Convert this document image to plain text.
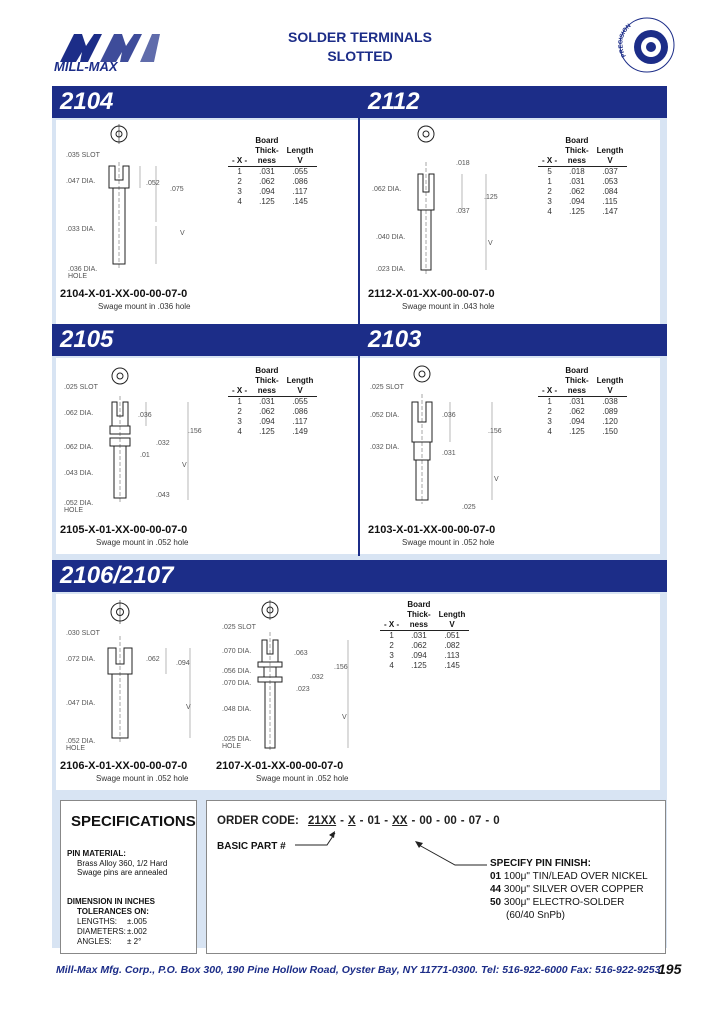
MILL-MAX
SOLDER TERMINALS
SLOTTED	PRECISION
2104	2112
.035 SLOT
.047 DIA.	.052
.075
.033 DIA.
V
.036 DIA. HOLE
- X -	Board
Thick-
ness	Length
V
1	.031	.055
2	.062	.086
3	.094	.117
4	.125	.145
2104-X-01-XX-00-00-07-0
Swage mount in .036 hole
.018
.062 DIA.
.037
.125
.040 DIA.
V
.023 DIA.
- X -	Board
Thick-
ness	Length
V
5	.018	.037
1	.031	.053
2	.062	.084
3	.094	.115
4	.125	.147
2112-X-01-XX-00-00-07-0
Swage mount in .043 hole
2105	2103
.025 SLOT
.062 DIA.	.036
.156
.062 DIA.
.032
.01
.043 DIA.
V
.043
.052 DIA. HOLE
- X -	Board
Thick-
ness	Length
V
1	.031	.055
2	.062	.086
3	.094	.117
4	.125	.149
2105-X-01-XX-00-00-07-0
Swage mount in .052 hole
.025 SLOT
.052 DIA.	.036
.156
.032 DIA.
.031
V
.025
- X -	Board
Thick-
ness	Length
V
1	.031	.038
2	.062	.089
3	.094	.120
4	.125	.150
2103-X-01-XX-00-00-07-0
Swage mount in .052 hole
2106/2107
.030 SLOT
.072 DIA.	.062
.094
.047 DIA.
V
.052 DIA. HOLE
2106-X-01-XX-00-00-07-0
Swage mount in .052 hole
.025 SLOT
.070 DIA.	.063
.056 DIA.
.032
.070 DIA.
.023
.156
.048 DIA.
V
.025 DIA. HOLE
2107-X-01-XX-00-00-07-0
Swage mount in .052 hole
- X -	Board
Thick-
ness	Length
V
1	.031	.051
2	.062	.082
3	.094	.113
4	.125	.145
SPECIFICATIONS
PIN MATERIAL:
Brass Alloy 360, 1/2 Hard
Swage pins are annealed
DIMENSION IN INCHES
TOLERANCES ON:
LENGTHS: ±.005
DIAMETERS: ±.002
ANGLES: ± 2°
ORDER CODE: 21XX - X - 01 - XX - 00 - 00 - 07 - 0
BASIC PART #
SPECIFY PIN FINISH:
01 100μ" TIN/LEAD OVER NICKEL
44 300μ" SILVER OVER COPPER
50 300μ" ELECTRO-SOLDER
(60/40 SnPb)
Mill-Max Mfg. Corp., P.O. Box 300, 190 Pine Hollow Road, Oyster Bay, NY 11771-0300. Tel: 516-922-6000 Fax: 516-922-9253
195
